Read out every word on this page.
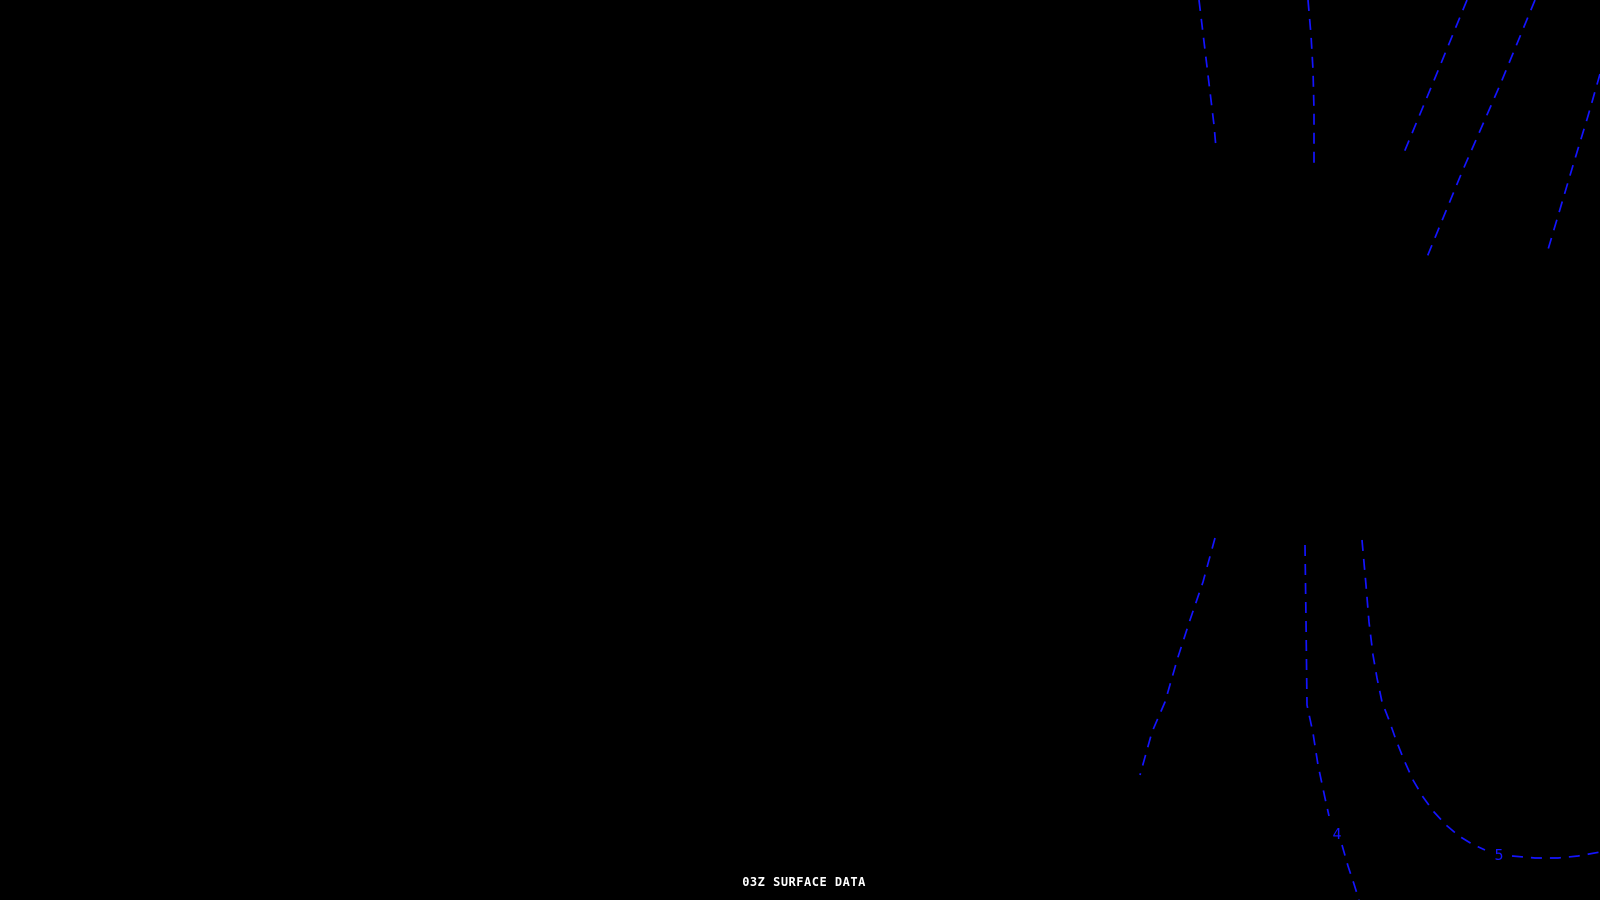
4
5
03Z SURFACE DATA
